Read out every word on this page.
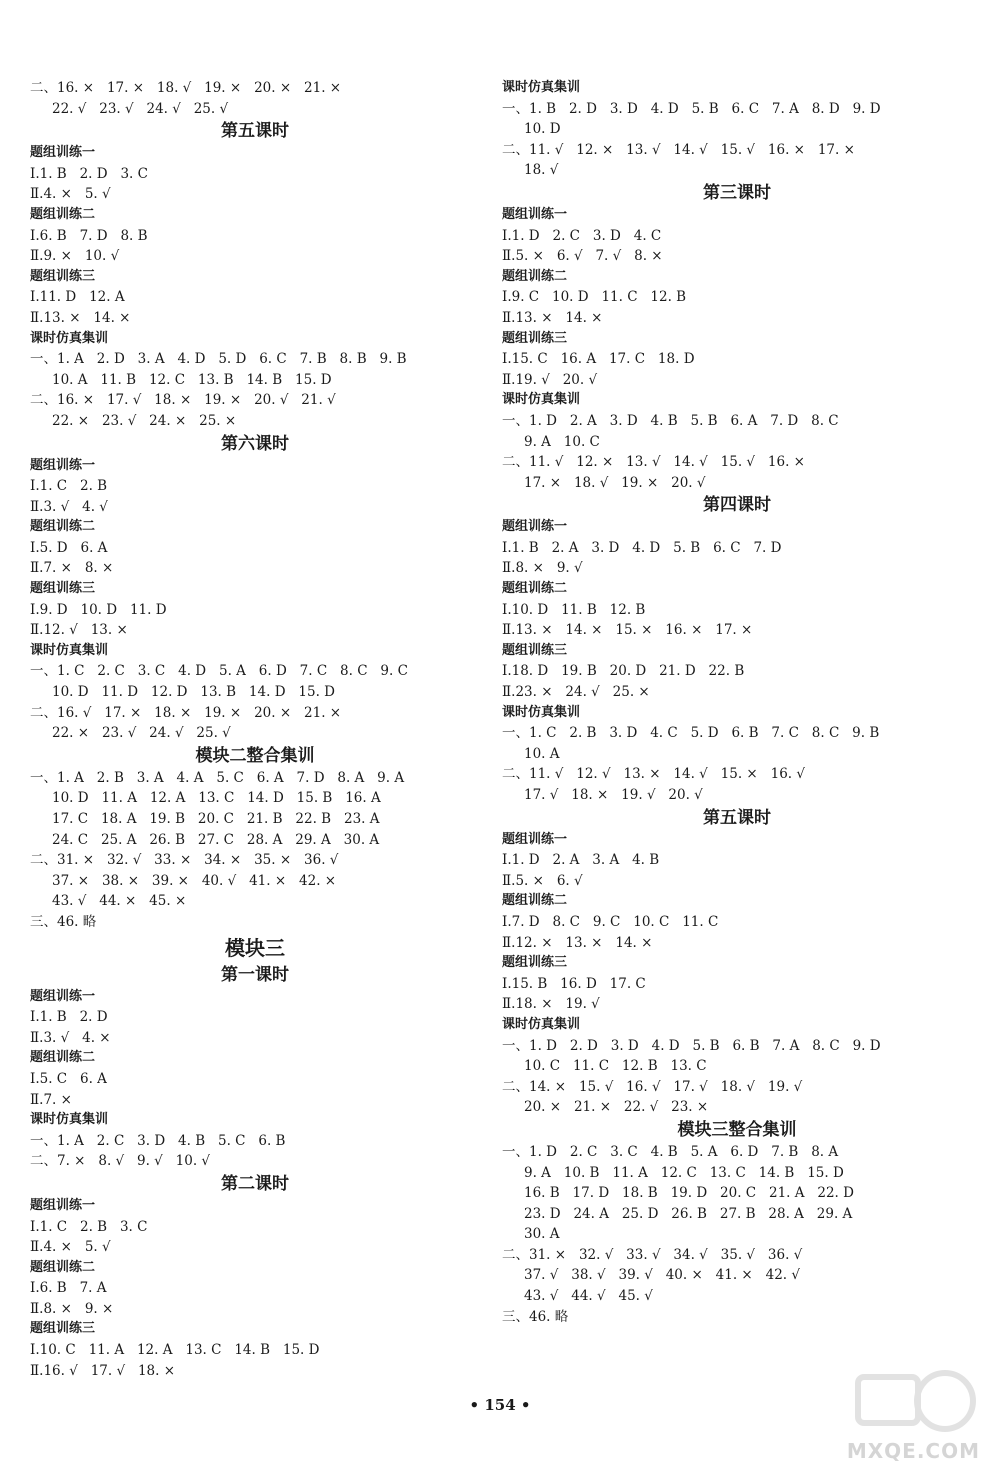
二、16. ×   17. ×   18. √   19. ×   20. ×   21. ×
22. √   23. √   24. √   25. √
第五课时
题组训练一
Ⅰ.1. B   2. D   3. C
Ⅱ.4. ×   5. √
题组训练二
Ⅰ.6. B   7. D   8. B
Ⅱ.9. ×   10. √
题组训练三
Ⅰ.11. D   12. A
Ⅱ.13. ×   14. ×
课时仿真集训
一、1. A   2. D   3. A   4. D   5. D   6. C   7. B   8. B   9. B
10. A   11. B   12. C   13. B   14. B   15. D
二、16. ×   17. √   18. ×   19. ×   20. √   21. √
22. ×   23. √   24. ×   25. ×
第六课时
题组训练一
Ⅰ.1. C   2. B
Ⅱ.3. √   4. √
题组训练二
Ⅰ.5. D   6. A
Ⅱ.7. ×   8. ×
题组训练三
Ⅰ.9. D   10. D   11. D
Ⅱ.12. √   13. ×
课时仿真集训
一、1. C   2. C   3. C   4. D   5. A   6. D   7. C   8. C   9. C
10. D   11. D   12. D   13. B   14. D   15. D
二、16. √   17. ×   18. ×   19. ×   20. ×   21. ×
22. ×   23. √   24. √   25. √
模块二整合集训
一、1. A   2. B   3. A   4. A   5. C   6. A   7. D   8. A   9. A
10. D   11. A   12. A   13. C   14. D   15. B   16. A
17. C   18. A   19. B   20. C   21. B   22. B   23. A
24. C   25. A   26. B   27. C   28. A   29. A   30. A
二、31. ×   32. √   33. ×   34. ×   35. ×   36. √
37. ×   38. ×   39. ×   40. √   41. ×   42. ×
43. √   44. ×   45. ×
三、46. 略
模块三
第一课时
题组训练一
Ⅰ.1. B   2. D
Ⅱ.3. √   4. ×
题组训练二
Ⅰ.5. C   6. A
Ⅱ.7. ×
课时仿真集训
一、1. A   2. C   3. D   4. B   5. C   6. B
二、7. ×   8. √   9. √   10. √
第二课时
题组训练一
Ⅰ.1. C   2. B   3. C
Ⅱ.4. ×   5. √
题组训练二
Ⅰ.6. B   7. A
Ⅱ.8. ×   9. ×
题组训练三
Ⅰ.10. C   11. A   12. A   13. C   14. B   15. D
Ⅱ.16. √   17. √   18. ×
课时仿真集训
一、1. B   2. D   3. D   4. D   5. B   6. C   7. A   8. D   9. D
10. D
二、11. √   12. ×   13. √   14. √   15. √   16. ×   17. ×
18. √
第三课时
题组训练一
Ⅰ.1. D   2. C   3. D   4. C
Ⅱ.5. ×   6. √   7. √   8. ×
题组训练二
Ⅰ.9. C   10. D   11. C   12. B
Ⅱ.13. ×   14. ×
题组训练三
Ⅰ.15. C   16. A   17. C   18. D
Ⅱ.19. √   20. √
课时仿真集训
一、1. D   2. A   3. D   4. B   5. B   6. A   7. D   8. C
9. A   10. C
二、11. √   12. ×   13. √   14. √   15. √   16. ×
17. ×   18. √   19. ×   20. √
第四课时
题组训练一
Ⅰ.1. B   2. A   3. D   4. D   5. B   6. C   7. D
Ⅱ.8. ×   9. √
题组训练二
Ⅰ.10. D   11. B   12. B
Ⅱ.13. ×   14. ×   15. ×   16. ×   17. ×
题组训练三
Ⅰ.18. D   19. B   20. D   21. D   22. B
Ⅱ.23. ×   24. √   25. ×
课时仿真集训
一、1. C   2. B   3. D   4. C   5. D   6. B   7. C   8. C   9. B
10. A
二、11. √   12. √   13. ×   14. √   15. ×   16. √
17. √   18. ×   19. √   20. √
第五课时
题组训练一
Ⅰ.1. D   2. A   3. A   4. B
Ⅱ.5. ×   6. √
题组训练二
Ⅰ.7. D   8. C   9. C   10. C   11. C
Ⅱ.12. ×   13. ×   14. ×
题组训练三
Ⅰ.15. B   16. D   17. C
Ⅱ.18. ×   19. √
课时仿真集训
一、1. D   2. D   3. D   4. D   5. B   6. B   7. A   8. C   9. D
10. C   11. C   12. B   13. C
二、14. ×   15. √   16. √   17. √   18. √   19. √
20. ×   21. ×   22. √   23. ×
模块三整合集训
一、1. D   2. C   3. C   4. B   5. A   6. D   7. B   8. A
9. A   10. B   11. A   12. C   13. C   14. B   15. D
16. B   17. D   18. B   19. D   20. C   21. A   22. D
23. D   24. A   25. D   26. B   27. B   28. A   29. A
30. A
二、31. ×   32. √   33. √   34. √   35. √   36. √
37. √   38. √   39. √   40. ×   41. ×   42. √
43. √   44. √   45. √
三、46. 略
• 154 •
MXQE.COM
